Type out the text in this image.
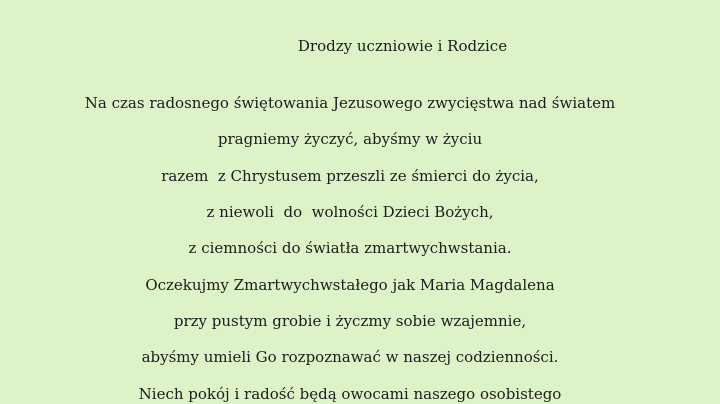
Drodzy uczniowie i Rodzice
Na czas radosnego świętowania Jezusowego zwycięstwa nad światem
pragniemy życzyć, abyśmy w życiu
razem  z Chrystusem przeszli ze śmierci do życia,
z niewoli  do  wolności Dzieci Bożych,
z ciemności do światła zmartwychwstania.
Oczekujmy Zmartwychwstałego jak Maria Magdalena
przy pustym grobie i życzmy sobie wzajemnie,
abyśmy umieli Go rozpoznawać w naszej codzienności.
Niech pokój i radość będą owocami naszego osobistego
